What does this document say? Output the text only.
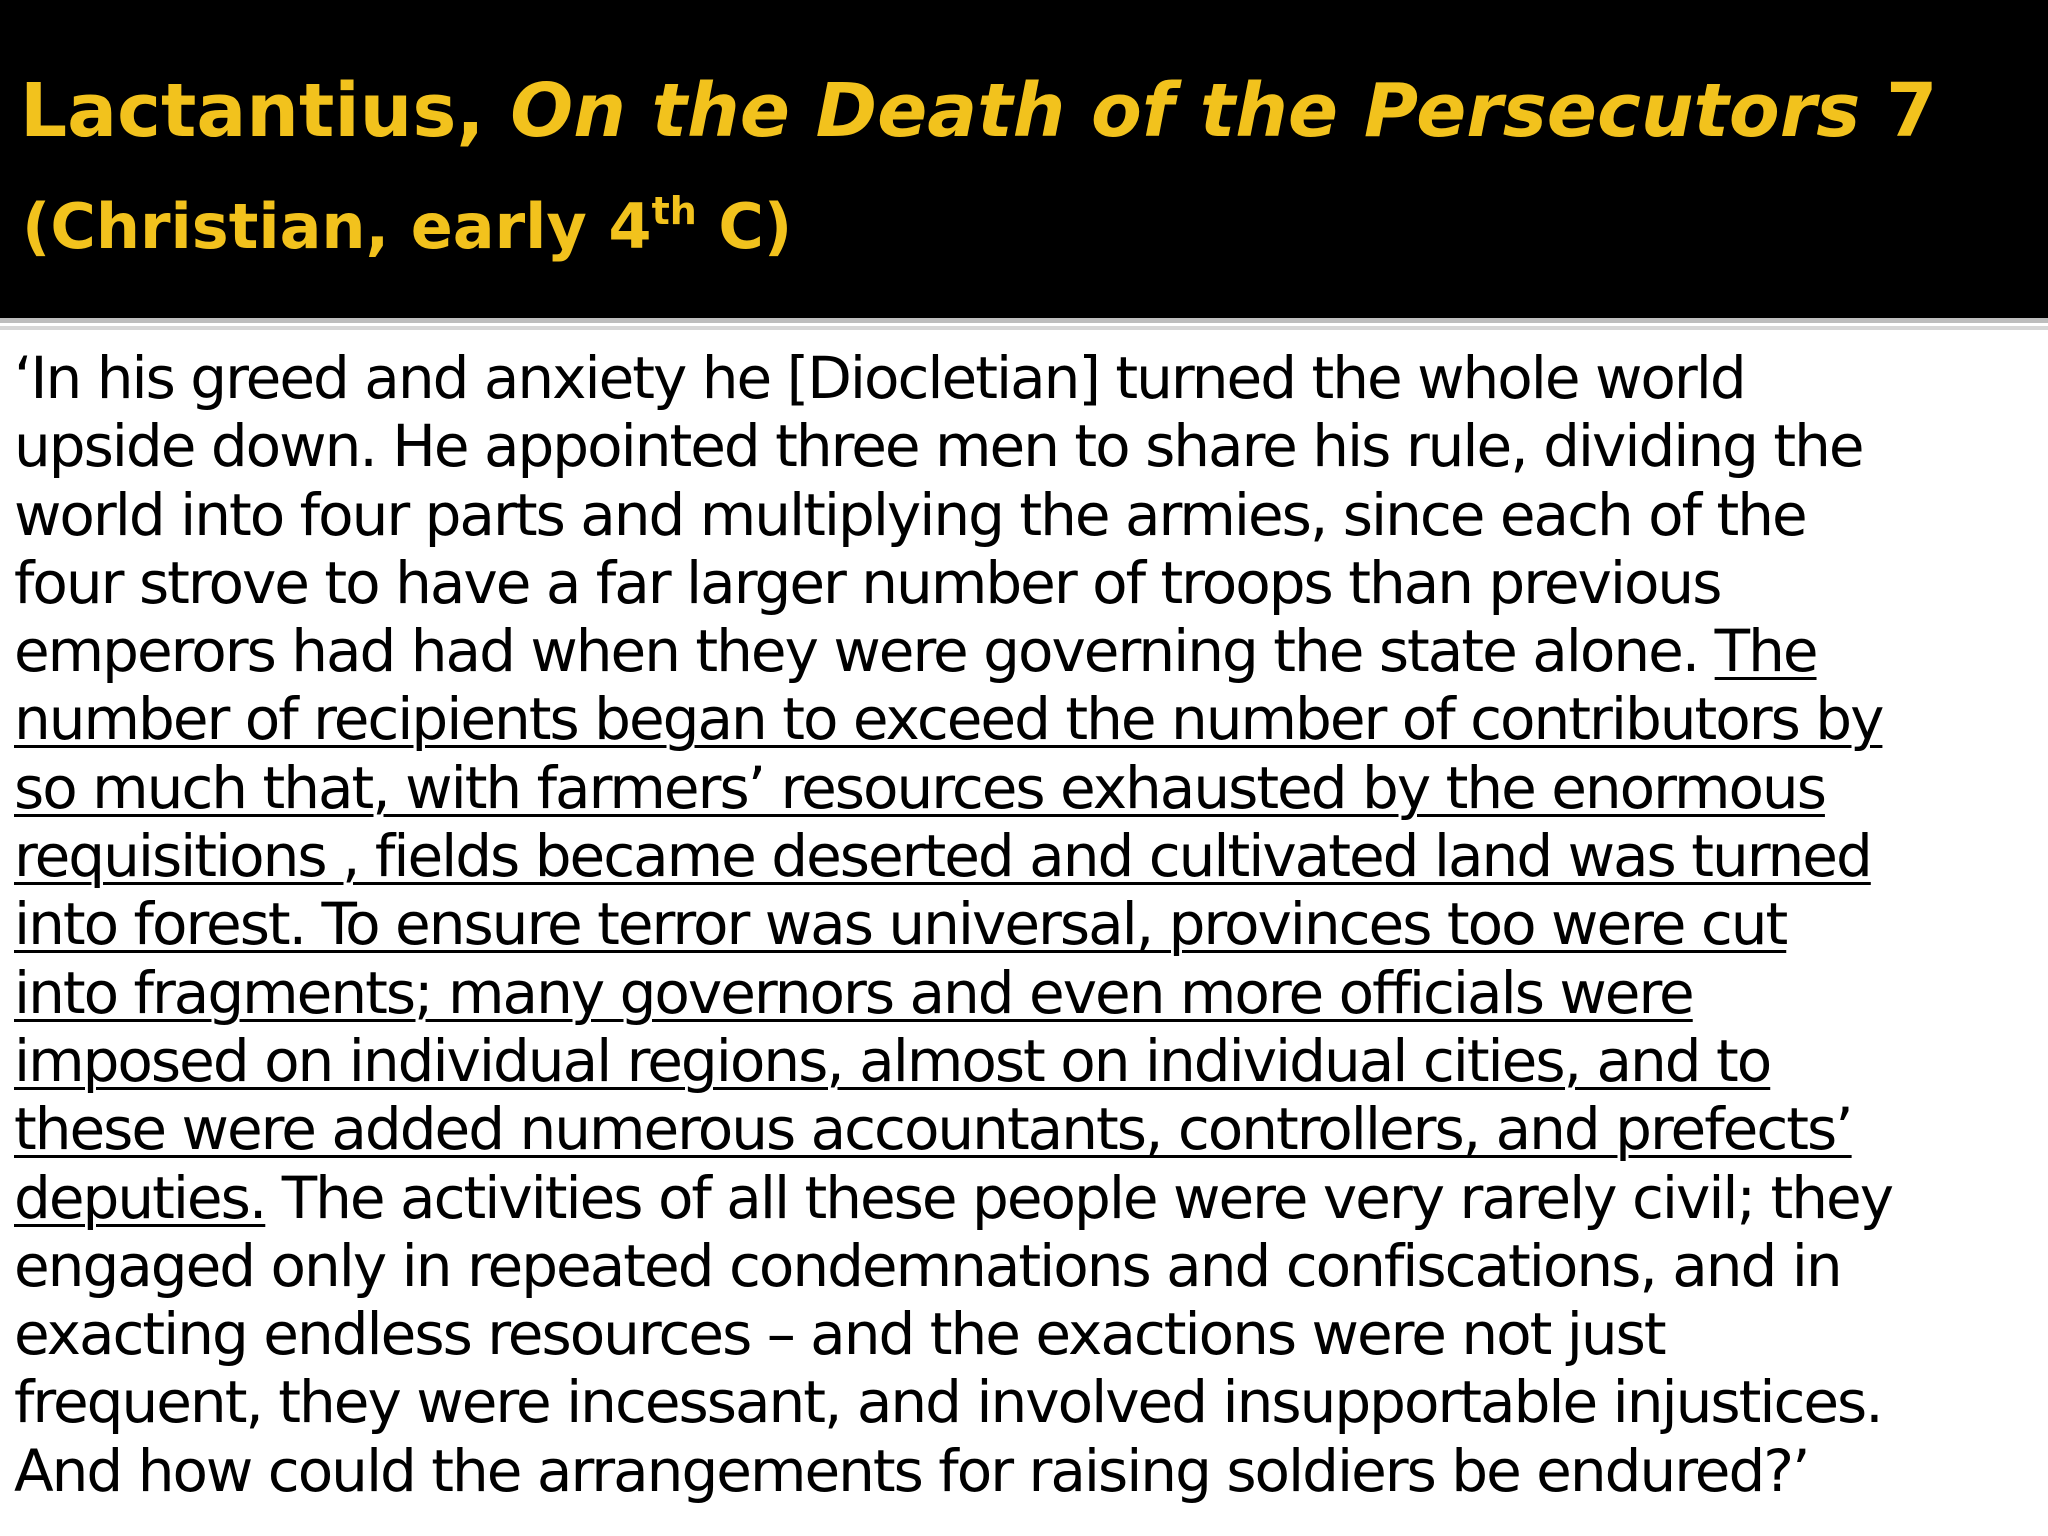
Lactantius, On the Death of the Persecutors 7
(Christian, early 4th C)

‘In his greed and anxiety he [Diocletian] turned the whole world
upside down. He appointed three men to share his rule, dividing the
world into four parts and multiplying the armies, since each of the
four strove to have a far larger number of troops than previous
emperors had had when they were governing the state alone. The
number of recipients began to exceed the number of contributors by
so much that, with farmers’ resources exhausted by the enormous
requisitions , fields became deserted and cultivated land was turned
into forest. To ensure terror was universal, provinces too were cut
into fragments; many governors and even more officials were
imposed on individual regions, almost on individual cities, and to
these were added numerous accountants, controllers, and prefects’
deputies. The activities of all these people were very rarely civil; they
engaged only in repeated condemnations and confiscations, and in
exacting endless resources – and the exactions were not just
frequent, they were incessant, and involved insupportable injustices.
And how could the arrangements for raising soldiers be endured?’
